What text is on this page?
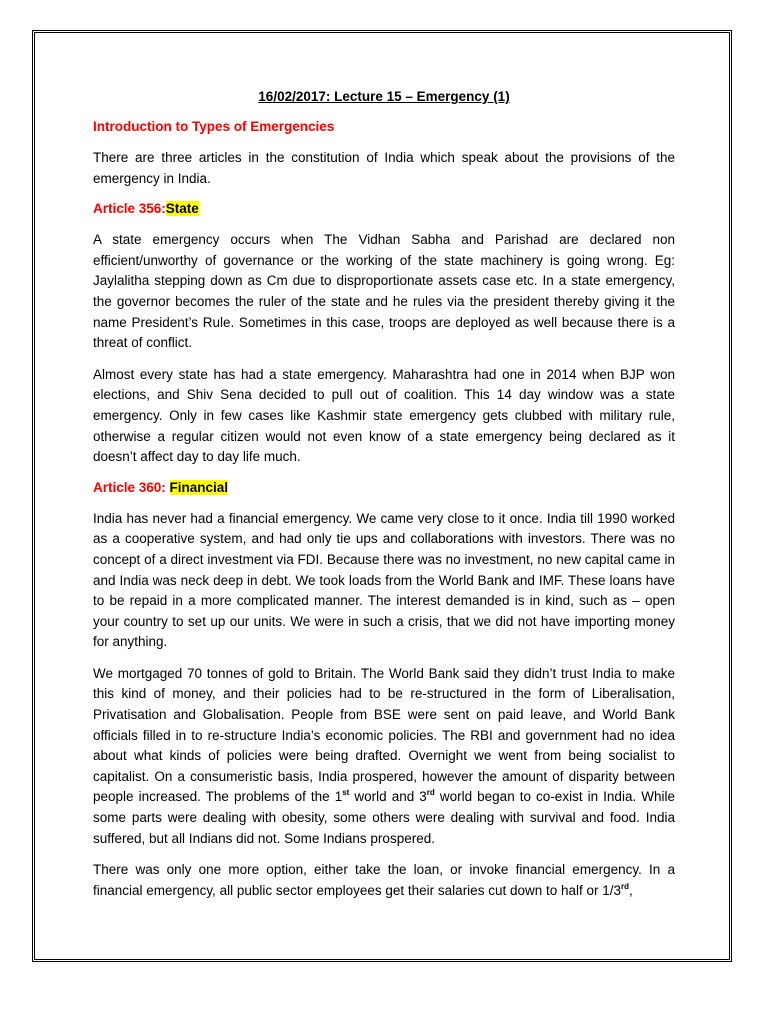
16/02/2017: Lecture 15 – Emergency (1)

Introduction to Types of Emergencies

There are three articles in the constitution of India which speak about the provisions of the emergency in India.

Article 356:State

A state emergency occurs when The Vidhan Sabha and Parishad are declared non efficient/unworthy of governance or the working of the state machinery is going wrong. Eg: Jaylalitha stepping down as Cm due to disproportionate assets case etc. In a state emergency, the governor becomes the ruler of the state and he rules via the president thereby giving it the name President’s Rule. Sometimes in this case, troops are deployed as well because there is a threat of conflict.

Almost every state has had a state emergency. Maharashtra had one in 2014 when BJP won elections, and Shiv Sena decided to pull out of coalition. This 14 day window was a state emergency. Only in few cases like Kashmir state emergency gets clubbed with military rule, otherwise a regular citizen would not even know of a state emergency being declared as it doesn’t affect day to day life much.

Article 360: Financial

India has never had a financial emergency. We came very close to it once. India till 1990 worked as a cooperative system, and had only tie ups and collaborations with investors. There was no concept of a direct investment via FDI. Because there was no investment, no new capital came in and India was neck deep in debt. We took loads from the World Bank and IMF. These loans have to be repaid in a more complicated manner. The interest demanded is in kind, such as – open your country to set up our units. We were in such a crisis, that we did not have importing money for anything.

We mortgaged 70 tonnes of gold to Britain. The World Bank said they didn’t trust India to make this kind of money, and their policies had to be re-structured in the form of Liberalisation, Privatisation and Globalisation. People from BSE were sent on paid leave, and World Bank officials filled in to re-structure India’s economic policies. The RBI and government had no idea about what kinds of policies were being drafted. Overnight we went from being socialist to capitalist. On a consumeristic basis, India prospered, however the amount of disparity between people increased. The problems of the 1st world and 3rd world began to co-exist in India. While some parts were dealing with obesity, some others were dealing with survival and food. India suffered, but all Indians did not. Some Indians prospered.

There was only one more option, either take the loan, or invoke financial emergency. In a financial emergency, all public sector employees get their salaries cut down to half or 1/3rd,
